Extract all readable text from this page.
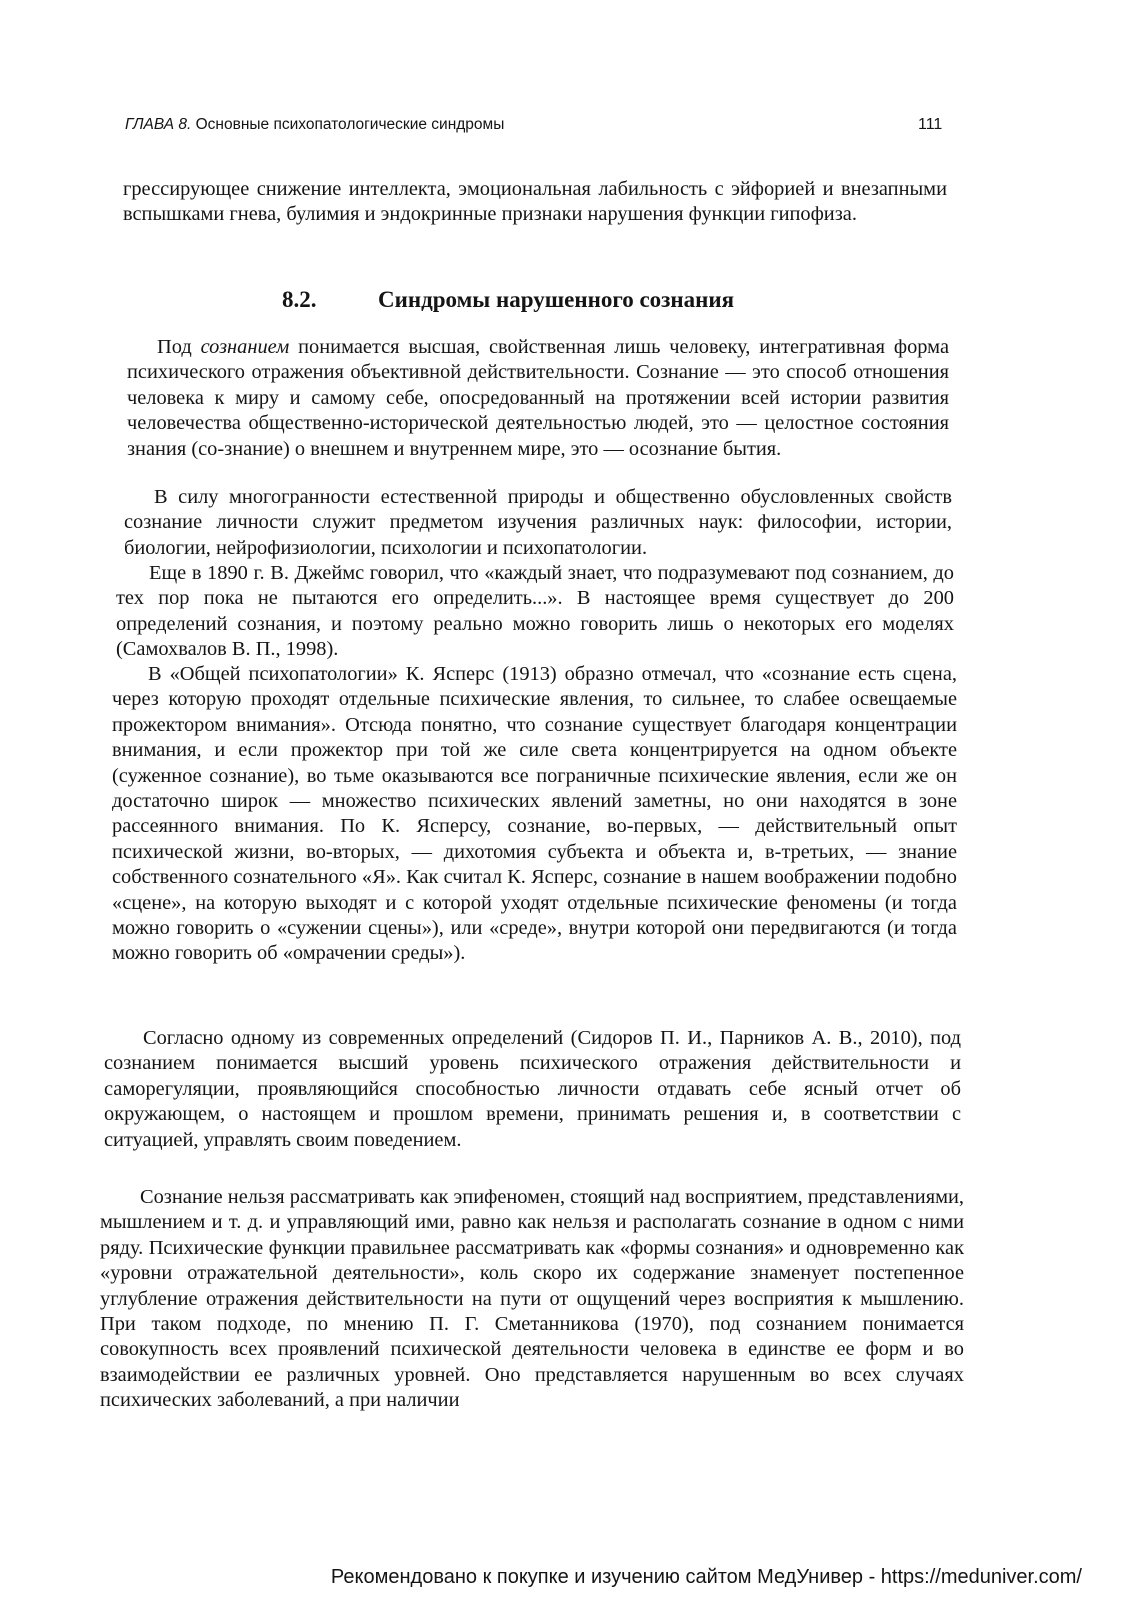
ГЛАВА 8. Основные психопатологические синдромы	111

грессирующее снижение интеллекта, эмоциональная лабильность с эйфорией и внезапными вспышками гнева, булимия и эндокринные признаки нарушения функции гипофиза.

8.2.	Синдромы нарушенного сознания

Под сознанием понимается высшая, свойственная лишь человеку, интегративная форма психического отражения объективной действительности. Сознание — это способ отношения человека к миру и самому себе, опосредованный на протяжении всей истории развития человечества общественно-исторической деятельностью людей, это — целостное состояния знания (со-знание) о внешнем и внутреннем мире, это — осознание бытия.

В силу многогранности естественной природы и общественно обусловленных свойств сознание личности служит предметом изучения различных наук: философии, истории, биологии, нейрофизиологии, психологии и психопатологии.

Еще в 1890 г. В. Джеймс говорил, что «каждый знает, что подразумевают под сознанием, до тех пор пока не пытаются его определить...». В настоящее время существует до 200 определений сознания, и поэтому реально можно говорить лишь о некоторых его моделях (Самохвалов В. П., 1998).

В «Общей психопатологии» К. Ясперс (1913) образно отмечал, что «сознание есть сцена, через которую проходят отдельные психические явления, то сильнее, то слабее освещаемые прожектором внимания». Отсюда понятно, что сознание существует благодаря концентрации внимания, и если прожектор при той же силе света концентрируется на одном объекте (суженное сознание), во тьме оказываются все пограничные психические явления, если же он достаточно широк — множество психических явлений заметны, но они находятся в зоне рассеянного внимания. По К. Ясперсу, сознание, во-первых, — действительный опыт психической жизни, во-вторых, — дихотомия субъекта и объекта и, в-третьих, — знание собственного сознательного «Я». Как считал К. Ясперс, сознание в нашем воображении подобно «сцене», на которую выходят и с которой уходят отдельные психические феномены (и тогда можно говорить о «сужении сцены»), или «среде», внутри которой они передвигаются (и тогда можно говорить об «омрачении среды»).

Согласно одному из современных определений (Сидоров П. И., Парников А. В., 2010), под сознанием понимается высший уровень психического отражения действительности и саморегуляции, проявляющийся способностью личности отдавать себе ясный отчет об окружающем, о настоящем и прошлом времени, принимать решения и, в соответствии с ситуацией, управлять своим поведением.

Сознание нельзя рассматривать как эпифеномен, стоящий над восприятием, представлениями, мышлением и т. д. и управляющий ими, равно как нельзя и располагать сознание в одном с ними ряду. Психические функции правильнее рассматривать как «формы сознания» и одновременно как «уровни отражательной деятельности», коль скоро их содержание знаменует постепенное углубление отражения действительности на пути от ощущений через восприятия к мышлению. При таком подходе, по мнению П. Г. Сметанникова (1970), под сознанием понимается совокупность всех проявлений психической деятельности человека в единстве ее форм и во взаимодействии ее различных уровней. Оно представляется нарушенным во всех случаях психических заболеваний, а при наличии

Рекомендовано к покупке и изучению сайтом МедУнивер - https://meduniver.com/
